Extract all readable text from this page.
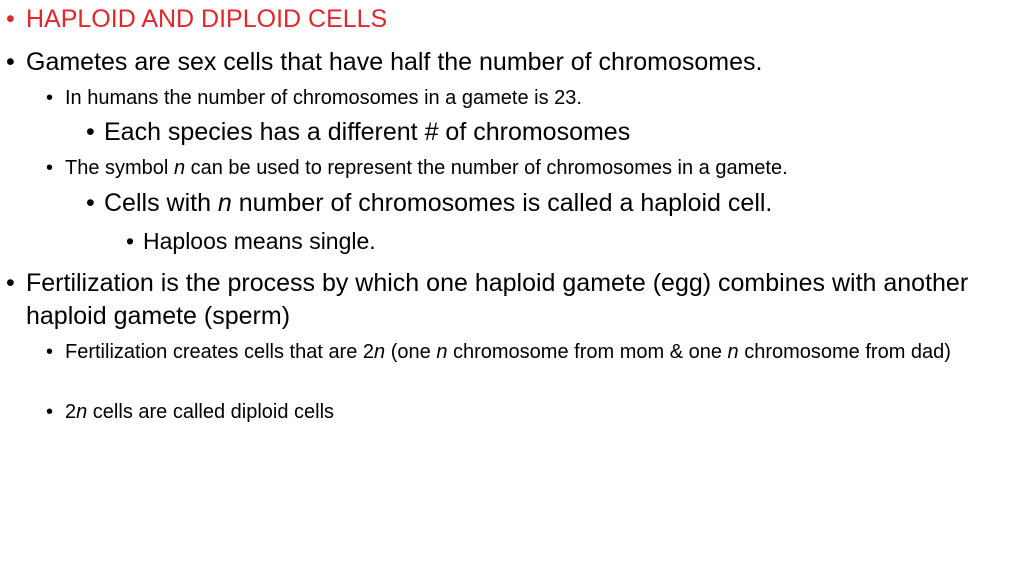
• HAPLOID AND DIPLOID CELLS
• Gametes are sex cells that have half the number of chromosomes.
• In humans the number of chromosomes in a gamete is 23.
• Each species has a different # of chromosomes
• The symbol n can be used to represent the number of chromosomes in a gamete.
• Cells with n number of chromosomes is called a haploid cell.
• Haploos means single.
• Fertilization is the process by which one haploid gamete (egg) combines with another haploid gamete (sperm)
• Fertilization creates cells that are 2n (one n chromosome from mom & one n chromosome from dad)
• 2n cells are called diploid cells
